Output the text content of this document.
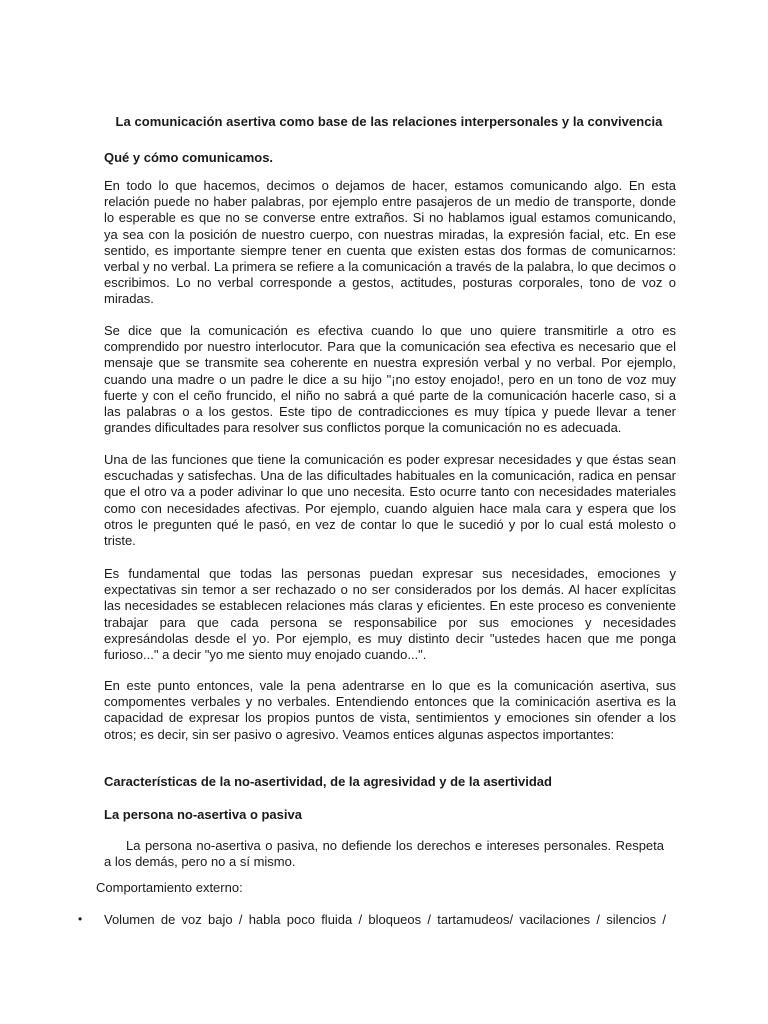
La comunicación asertiva como base de las relaciones interpersonales y la convivencia
Qué y cómo comunicamos.

En todo lo que hacemos, decimos o dejamos de hacer, estamos comunicando algo. En esta relación puede no haber palabras, por ejemplo entre pasajeros de un medio de transporte, donde lo esperable es que no se converse entre extraños. Si no hablamos igual estamos comunicando, ya sea con la posición de nuestro cuerpo, con nuestras miradas, la expresión facial, etc. En ese sentido, es importante siempre tener en cuenta que existen estas dos formas de comunicarnos: verbal y no verbal. La primera se refiere a la comunicación a través de la palabra, lo que decimos o escribimos. Lo no verbal corresponde a gestos, actitudes, posturas corporales, tono de voz o miradas.

Se dice que la comunicación es efectiva cuando lo que uno quiere transmitirle a otro es comprendido por nuestro interlocutor. Para que la comunicación sea efectiva es necesario que el mensaje que se transmite sea coherente en nuestra expresión verbal y no verbal. Por ejemplo, cuando una madre o un padre le dice a su hijo "¡no estoy enojado!, pero en un tono de voz muy fuerte y con el ceño fruncido, el niño no sabrá a qué parte de la comunicación hacerle caso, si a las palabras o a los gestos. Este tipo de contradicciones es muy típica y puede llevar a tener grandes dificultades para resolver sus conflictos porque la comunicación no es adecuada.

Una de las funciones que tiene la comunicación es poder expresar necesidades y que éstas sean escuchadas y satisfechas. Una de las dificultades habituales en la comunicación, radica en pensar que el otro va a poder adivinar lo que uno necesita. Esto ocurre tanto con necesidades materiales como con necesidades afectivas. Por ejemplo, cuando alguien hace mala cara y espera que los otros le pregunten qué le pasó, en vez de contar lo que le sucedió y por lo cual está molesto o triste.

Es fundamental que todas las personas puedan expresar sus necesidades, emociones y expectativas sin temor a ser rechazado o no ser considerados por los demás. Al hacer explícitas las necesidades se establecen relaciones más claras y eficientes. En este proceso es conveniente trabajar para que cada persona se responsabilice por sus emociones y necesidades expresándolas desde el yo. Por ejemplo, es muy distinto decir "ustedes hacen que me ponga furioso..." a decir "yo me siento muy enojado cuando...".

En este punto entonces, vale la pena adentrarse en lo que es la comunicación asertiva, sus compomentes verbales y no verbales. Entendiendo entonces que la cominicación asertiva es la capacidad de expresar los propios puntos de vista, sentimientos y emociones sin ofender a los otros; es decir, sin ser pasivo o agresivo. Veamos entices algunas aspectos importantes:

Características de la no-asertividad, de la agresividad y de la asertividad
La persona no-asertiva o pasiva

La persona no-asertiva o pasiva, no defiende los derechos e intereses personales. Respeta a los demás, pero no a sí mismo.

Comportamiento externo:
• Volumen de voz bajo / habla poco fluida / bloqueos / tartamudeos/ vacilaciones / silencios /
